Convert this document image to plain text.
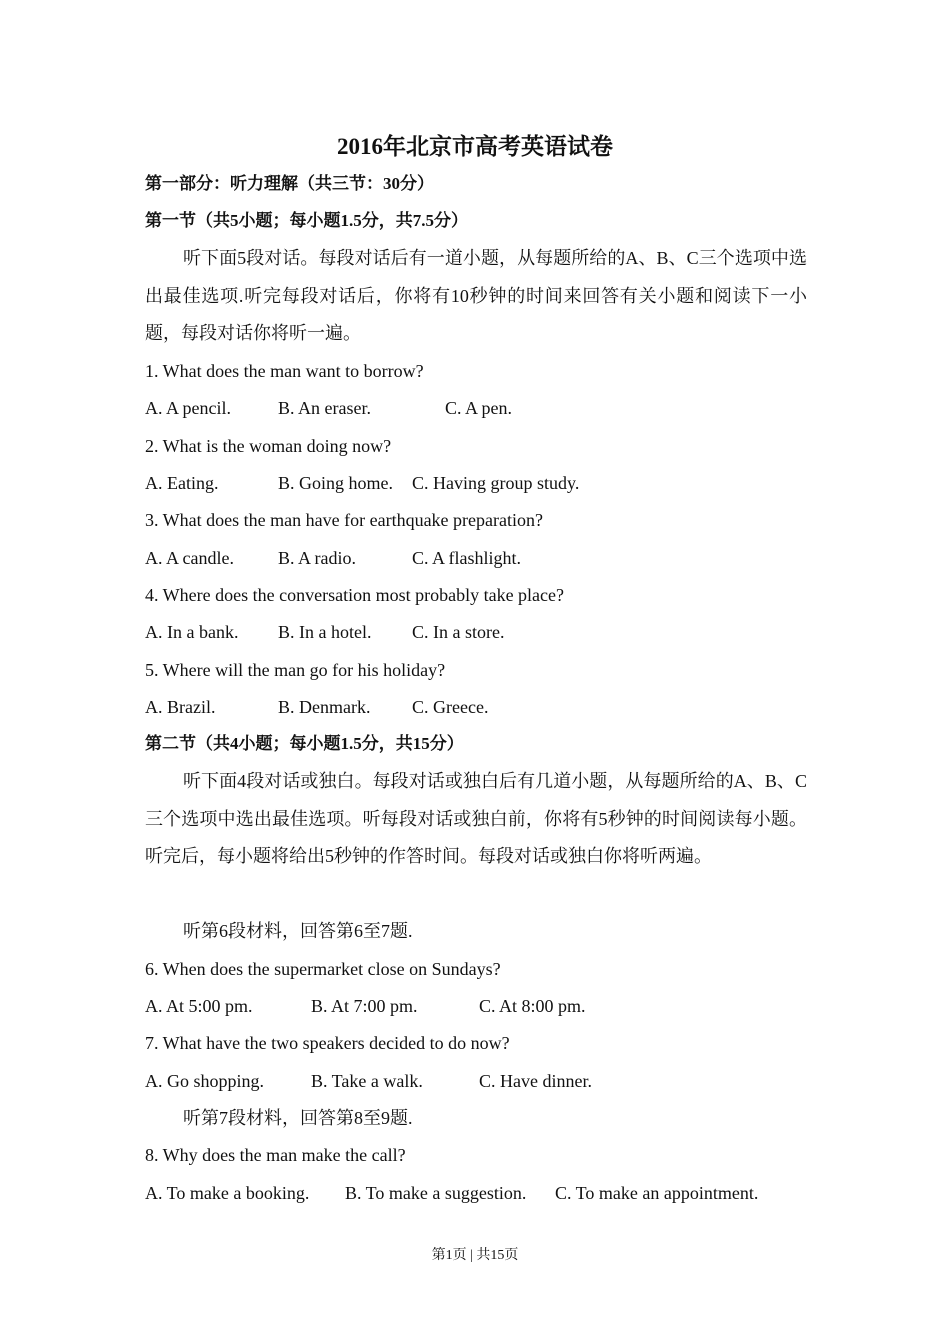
2016年北京市高考英语试卷
第一部分：听力理解（共三节：30分）
第一节（共5小题；每小题1.5分，共7.5分）
听下面5段对话。每段对话后有一道小题，从每题所给的A、B、C三个选项中选出最佳选项.听完每段对话后，你将有10秒钟的时间来回答有关小题和阅读下一小题，每段对话你将听一遍。
1. What does the man want to borrow?
A. A pencil.	B. An eraser.	C. A pen.
2. What is the woman doing now?
A. Eating.	B. Going home. C. Having group study.
3. What does the man have for earthquake preparation?
A. A candle. B. A radio.	C. A flashlight.
4. Where does the conversation most probably take place?
A. In a bank. B. In a hotel. C. In a store.
5. Where will the man go for his holiday?
A. Brazil.	B. Denmark. C. Greece.
第二节（共4小题；每小题1.5分，共15分）
听下面4段对话或独白。每段对话或独白后有几道小题，从每题所给的A、B、C三个选项中选出最佳选项。听每段对话或独白前，你将有5秒钟的时间阅读每小题。听完后，每小题将给出5秒钟的作答时间。每段对话或独白你将听两遍。
听第6段材料，回答第6至7题.
6. When does the supermarket close on Sundays?
A. At 5:00 pm.	B. At 7:00 pm.	C. At 8:00 pm.
7. What have the two speakers decided to do now?
A. Go shopping.	B. Take a walk.	C. Have dinner.
听第7段材料，回答第8至9题.
8. Why does the man make the call?
A. To make a booking. B. To make a suggestion. C. To make an appointment.
第1页 | 共15页
